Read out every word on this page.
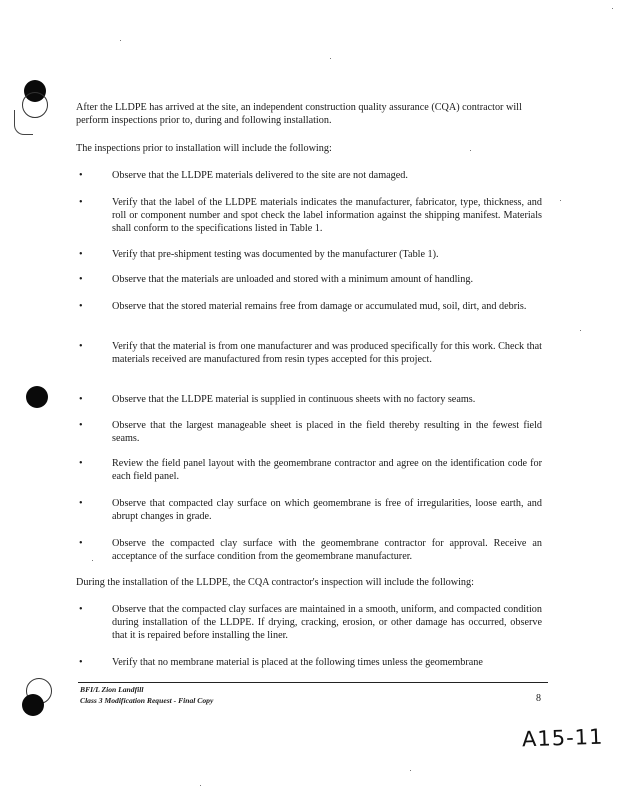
After the LLDPE has arrived at the site, an independent construction quality assurance (CQA) contractor will perform inspections prior to, during and following installation.

The inspections prior to installation will include the following:

•	Observe that the LLDPE materials delivered to the site are not damaged.

•	Verify that the label of the LLDPE materials indicates the manufacturer, fabricator, type, thickness, and roll or component number and spot check the label information against the shipping manifest. Materials shall conform to the specifications listed in Table 1.

•	Verify that pre-shipment testing was documented by the manufacturer (Table 1).

•	Observe that the materials are unloaded and stored with a minimum amount of handling.

•	Observe that the stored material remains free from damage or accumulated mud, soil, dirt, and debris.

•	Verify that the material is from one manufacturer and was produced specifically for this work. Check that materials received are manufactured from resin types accepted for this project.

•	Observe that the LLDPE material is supplied in continuous sheets with no factory seams.

•	Observe that the largest manageable sheet is placed in the field thereby resulting in the fewest field seams.

•	Review the field panel layout with the geomembrane contractor and agree on the identification code for each field panel.

•	Observe that compacted clay surface on which geomembrane is free of irregularities, loose earth, and abrupt changes in grade.

•	Observe the compacted clay surface with the geomembrane contractor for approval. Receive an acceptance of the surface condition from the geomembrane manufacturer.

During the installation of the LLDPE, the CQA contractor's inspection will include the following:

•	Observe that the compacted clay surfaces are maintained in a smooth, uniform, and compacted condition during installation of the LLDPE. If drying, cracking, erosion, or other damage has occurred, observe that it is repaired before installing the liner.

•	Verify that no membrane material is placed at the following times unless the geomembrane

BFI/L Zion Landfill
Class 3 Modification Request - Final Copy	8
A15-11
